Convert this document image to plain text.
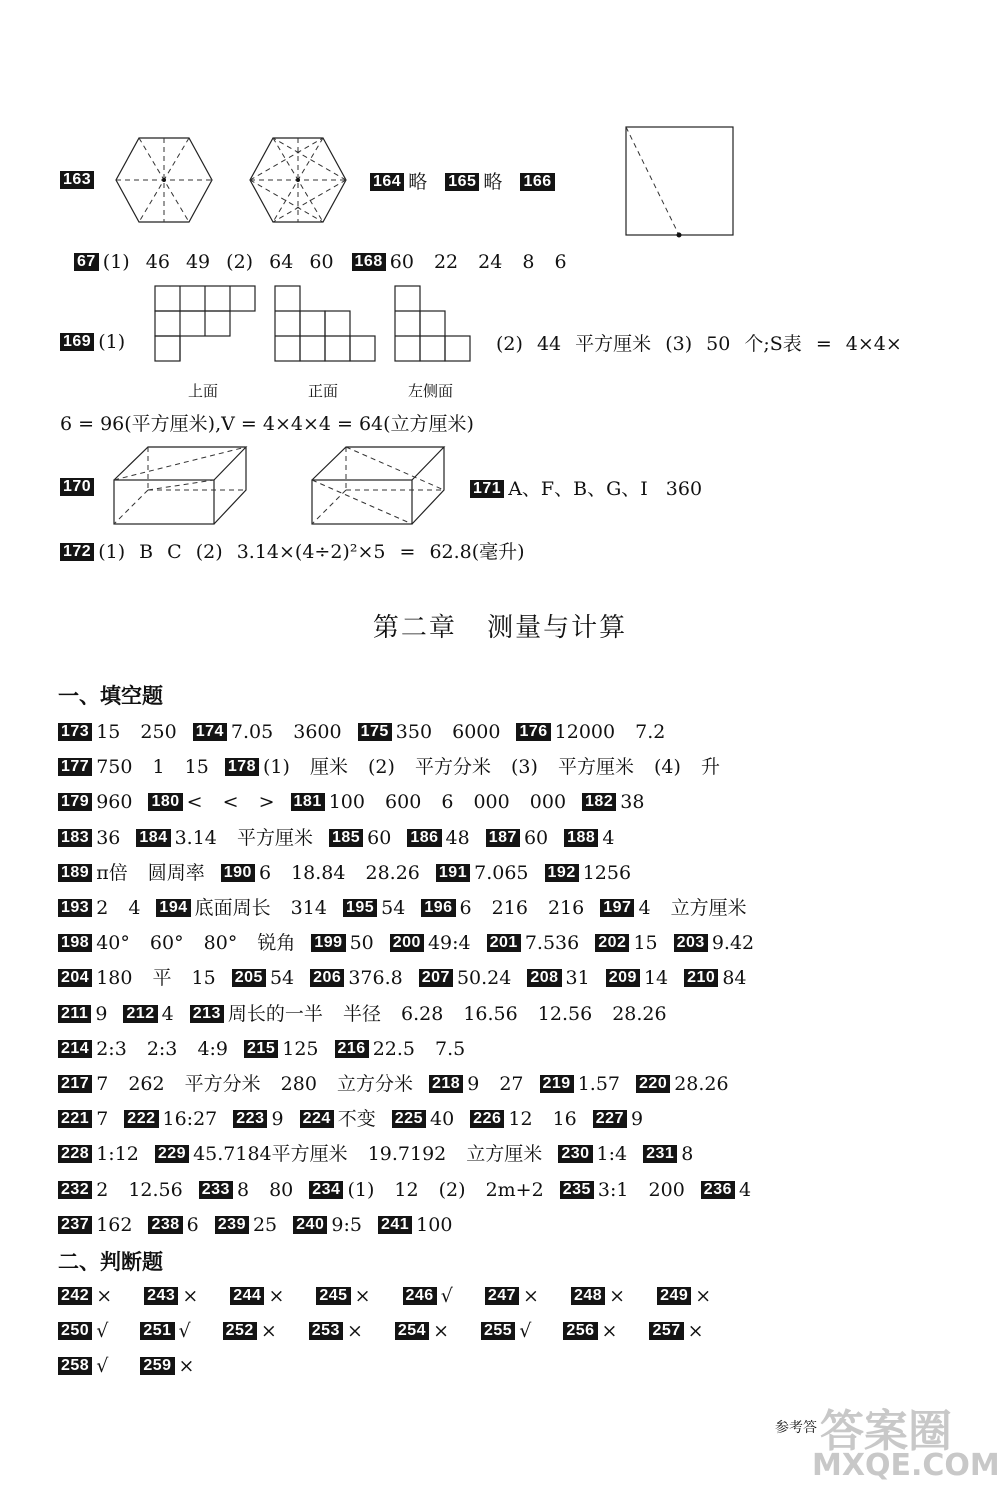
163	164 略 165 略 166
67 (1) 46 49 (2) 64 60 168 60 22 24 8 6
169 (1)
上面	正面	左侧面
(2) 44 平方厘米 (3) 50 个;S表 = 4×4×
6 = 96(平方厘米),V = 4×4×4 = 64(立方厘米)
170	171 A、F、B、G、I 360
172 (1) B C (2) 3.14×(4÷2)²×5 = 62.8(毫升)
第二章 测量与计算
一、填空题
173 15 250 174 7.05 3600 175 350 6000 176 12000 7.2
177 750 1 15 178 (1) 厘米 (2) 平方分米 (3) 平方厘米 (4) 升
179 960 180 < < > 181 100 600 6 000 000 182 38
183 36 184 3.14 平方厘米 185 60 186 48 187 60 188 4
189 π倍 圆周率 190 6 18.84 28.26 191 7.065 192 1256
193 2 4 194 底面周长 314 195 54 196 6 216 216 197 4 立方厘米
198 40° 60° 80° 锐角 199 50 200 49:4 201 7.536 202 15 203 9.42
204 180 平 15 205 54 206 376.8 207 50.24 208 31 209 14 210 84
211 9 212 4 213 周长的一半 半径 6.28 16.56 12.56 28.26
214 2:3 2:3 4:9 215 125 216 22.5 7.5
217 7 262 平方分米 280 立方分米 218 9 27 219 1.57 220 28.26
221 7 222 16:27 223 9 224 不变 225 40 226 12 16 227 9
228 1:12 229 45.7184平方厘米 19.7192 立方厘米 230 1:4 231 8
232 2 12.56 233 8 80 234 (1) 12 (2) 2m+2 235 3:1 200 236 4
237 162 238 6 239 25 240 9:5 241 100
二、判断题
242 × 243 × 244 × 245 × 246 √ 247 × 248 × 249 ×
250 √ 251 √ 252 × 253 × 254 × 255 √ 256 × 257 ×
258 √ 259 ×
参考答 答案圈
MXQE.COM
